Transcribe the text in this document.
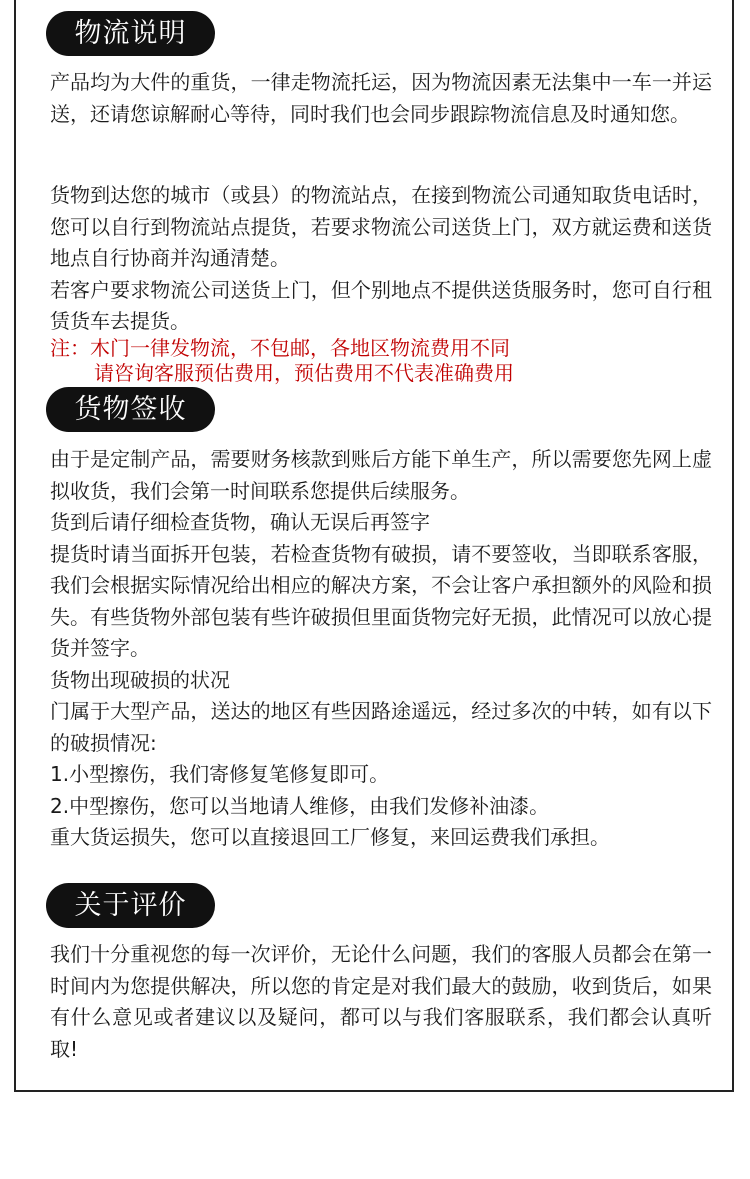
物流说明

产品均为大件的重货，一律走物流托运，因为物流因素无法集中一车一并运送，还请您谅解耐心等待，同时我们也会同步跟踪物流信息及时通知您。

货物到达您的城市（或县）的物流站点，在接到物流公司通知取货电话时，您可以自行到物流站点提货，若要求物流公司送货上门，双方就运费和送货地点自行协商并沟通清楚。

若客户要求物流公司送货上门，但个别地点不提供送货服务时，您可自行租赁货车去提货。

注：木门一律发物流，不包邮，各地区物流费用不同

请咨询客服预估费用，预估费用不代表准确费用

货物签收

由于是定制产品，需要财务核款到账后方能下单生产，所以需要您先网上虚拟收货，我们会第一时间联系您提供后续服务。

货到后请仔细检查货物，确认无误后再签字

提货时请当面拆开包装，若检查货物有破损，请不要签收，当即联系客服，我们会根据实际情况给出相应的解决方案，不会让客户承担额外的风险和损失。有些货物外部包装有些许破损但里面货物完好无损，此情况可以放心提货并签字。

货物出现破损的状况

门属于大型产品，送达的地区有些因路途遥远，经过多次的中转，如有以下的破损情况:

1.小型擦伤，我们寄修复笔修复即可。

2.中型擦伤，您可以当地请人维修，由我们发修补油漆。

重大货运损失，您可以直接退回工厂修复，来回运费我们承担。

关于评价

我们十分重视您的每一次评价，无论什么问题，我们的客服人员都会在第一时间内为您提供解决，所以您的肯定是对我们最大的鼓励，收到货后，如果有什么意见或者建议以及疑问，都可以与我们客服联系，我们都会认真听取!
